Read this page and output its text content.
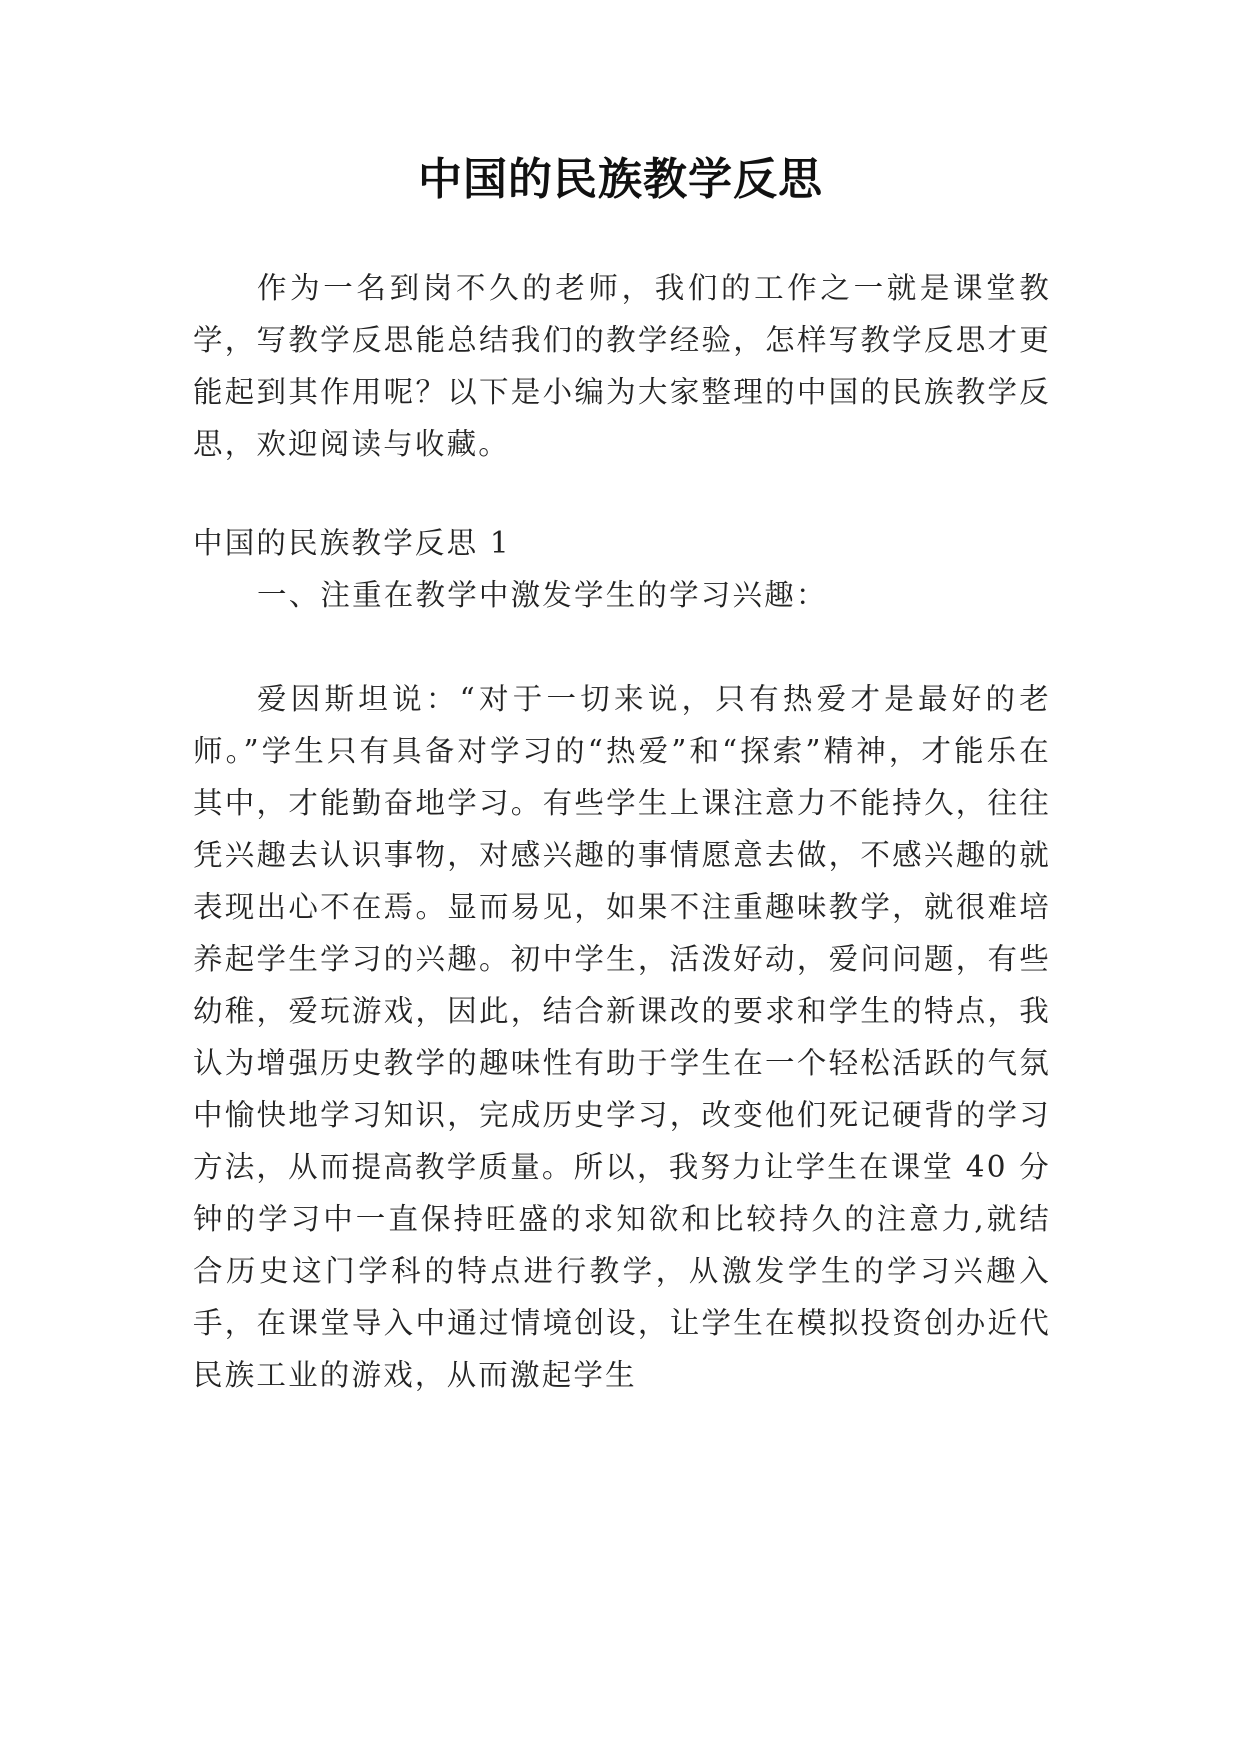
中国的民族教学反思
作为一名到岗不久的老师，我们的工作之一就是课堂教学，写教学反思能总结我们的教学经验，怎样写教学反思才更能起到其作用呢？以下是小编为大家整理的中国的民族教学反思，欢迎阅读与收藏。
中国的民族教学反思 1
一、注重在教学中激发学生的学习兴趣：
爱因斯坦说：“对于一切来说，只有热爱才是最好的老师。”学生只有具备对学习的“热爱”和“探索”精神，才能乐在其中，才能勤奋地学习。有些学生上课注意力不能持久，往往凭兴趣去认识事物，对感兴趣的事情愿意去做，不感兴趣的就表现出心不在焉。显而易见，如果不注重趣味教学，就很难培养起学生学习的兴趣。初中学生，活泼好动，爱问问题，有些幼稚，爱玩游戏，因此，结合新课改的要求和学生的特点，我认为增强历史教学的趣味性有助于学生在一个轻松活跃的气氛中愉快地学习知识，完成历史学习，改变他们死记硬背的学习方法，从而提高教学质量。所以，我努力让学生在课堂 40 分钟的学习中一直保持旺盛的求知欲和比较持久的注意力,就结合历史这门学科的特点进行教学，从激发学生的学习兴趣入手，在课堂导入中通过情境创设，让学生在模拟投资创办近代民族工业的游戏，从而激起学生
